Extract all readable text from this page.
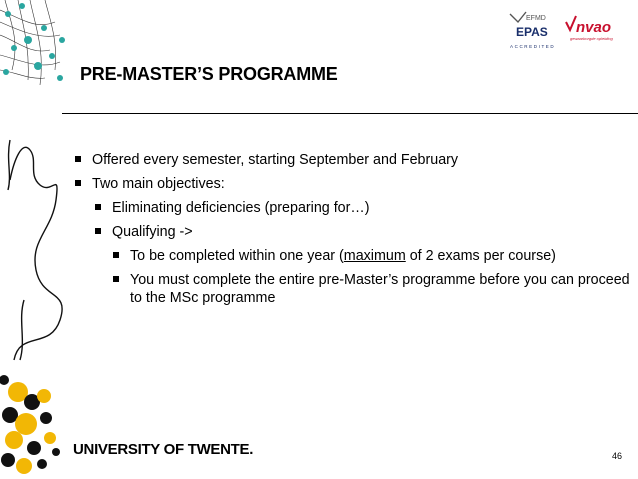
EFMD
EPAS
ACCREDITED
nvao
gewaarborgde opleiding
PRE-MASTER’S PROGRAMME
Offered every semester, starting September and February
Two main objectives:
Eliminating deficiencies (preparing for…)
Qualifying ->
To be completed within one year (maximum of 2 exams per course)
You must complete the entire pre-Master’s programme before you can proceed to the MSc programme
UNIVERSITY OF TWENTE.	46
